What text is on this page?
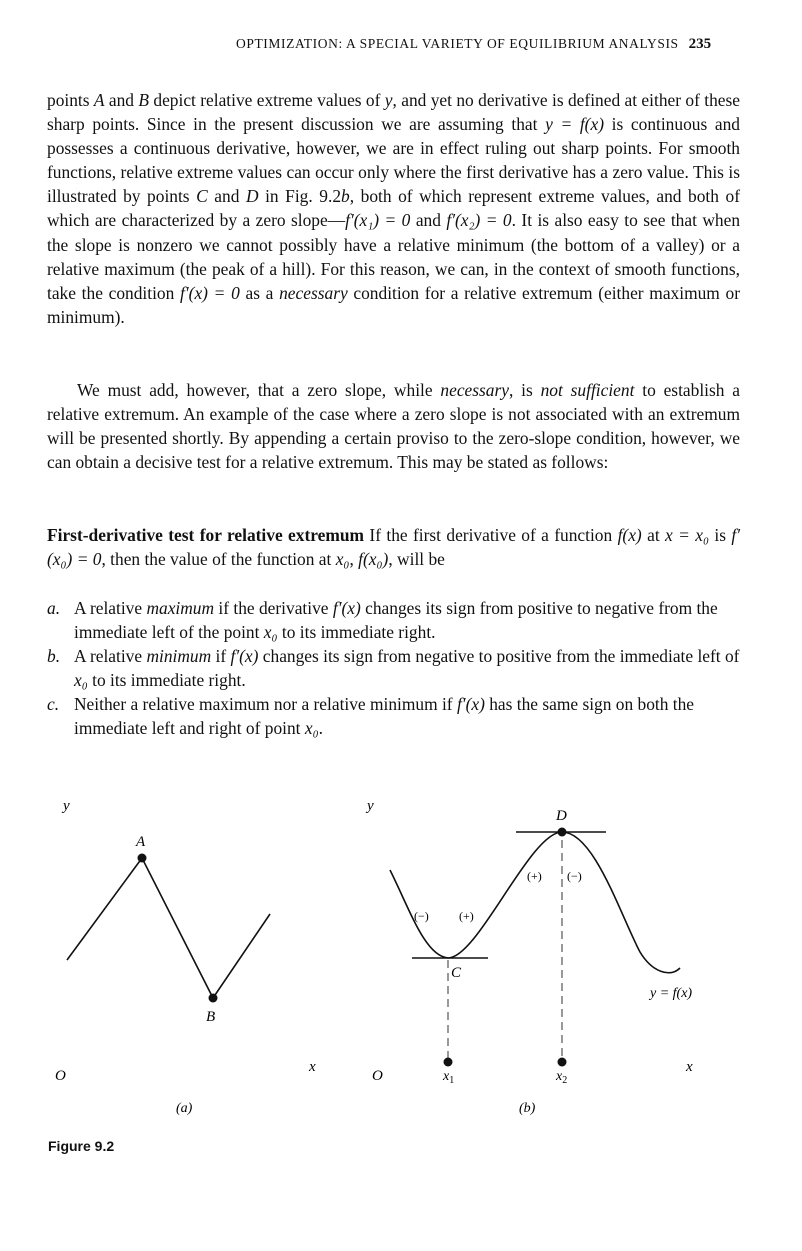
OPTIMIZATION: A SPECIAL VARIETY OF EQUILIBRIUM ANALYSIS 235

points A and B depict relative extreme values of y, and yet no derivative is defined at either of these sharp points. Since in the present discussion we are assuming that y = f(x) is continuous and possesses a continuous derivative, however, we are in effect ruling out sharp points. For smooth functions, relative extreme values can occur only where the first derivative has a zero value. This is illustrated by points C and D in Fig. 9.2b, both of which represent extreme values, and both of which are characterized by a zero slope—f′(x₁) = 0 and f′(x₂) = 0. It is also easy to see that when the slope is nonzero we cannot possibly have a relative minimum (the bottom of a valley) or a relative maximum (the peak of a hill). For this reason, we can, in the context of smooth functions, take the condition f′(x) = 0 as a necessary condition for a relative extremum (either maximum or minimum).

We must add, however, that a zero slope, while necessary, is not sufficient to establish a relative extremum. An example of the case where a zero slope is not associated with an extremum will be presented shortly. By appending a certain proviso to the zero-slope condition, however, we can obtain a decisive test for a relative extremum. This may be stated as follows:

First-derivative test for relative extremum If the first derivative of a function f(x) at x = x₀ is f′(x₀) = 0, then the value of the function at x₀, f(x₀), will be

a. A relative maximum if the derivative f′(x) changes its sign from positive to negative from the immediate left of the point x₀ to its immediate right.
b. A relative minimum if f′(x) changes its sign from negative to positive from the immediate left of x₀ to its immediate right.
c. Neither a relative maximum nor a relative minimum if f′(x) has the same sign on both the immediate left and right of point x₀.
y
A
B
O
x
(a)
y
D
C
(−)	(+)
(+) (−)
y = f(x)
O
x
$x_1$	$x_2$
(b)
Figure 9.2
